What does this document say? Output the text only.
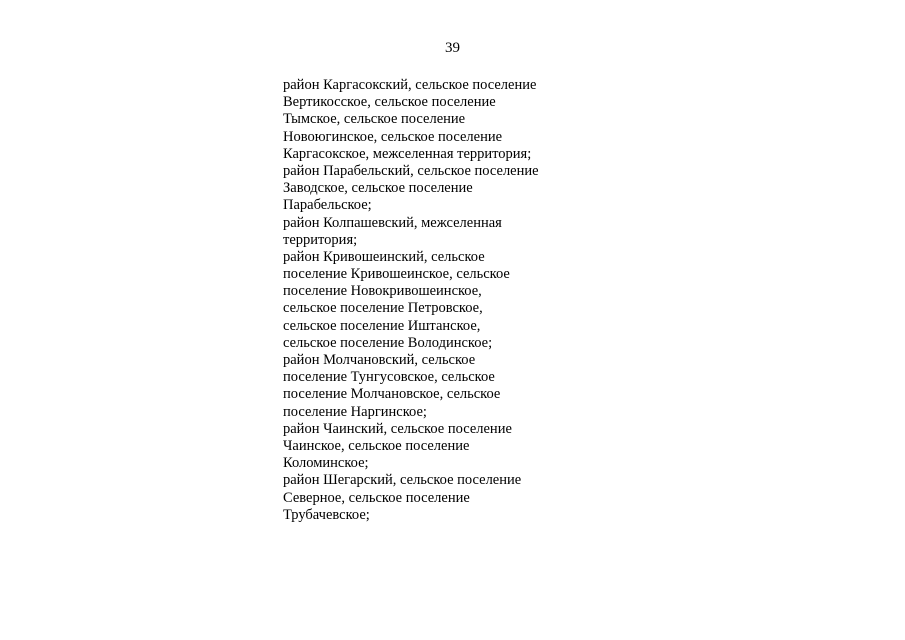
39
район Каргасокский, сельское поселение
Вертикосское, сельское поселение
Тымское, сельское поселение
Новоюгинское, сельское поселение
Каргасокское, межселенная территория;
район Парабельский, сельское поселение
Заводское, сельское поселение
Парабельское;
район Колпашевский, межселенная
территория;
район Кривошеинский, сельское
поселение Кривошеинское, сельское
поселение Новокривошеинское,
сельское поселение Петровское,
сельское поселение Иштанское,
сельское поселение Володинское;
район Молчановский, сельское
поселение Тунгусовское, сельское
поселение Молчановское, сельское
поселение Наргинское;
район Чаинский, сельское поселение
Чаинское, сельское поселение
Коломинское;
район Шегарский, сельское поселение
Северное, сельское поселение
Трубачевское;
